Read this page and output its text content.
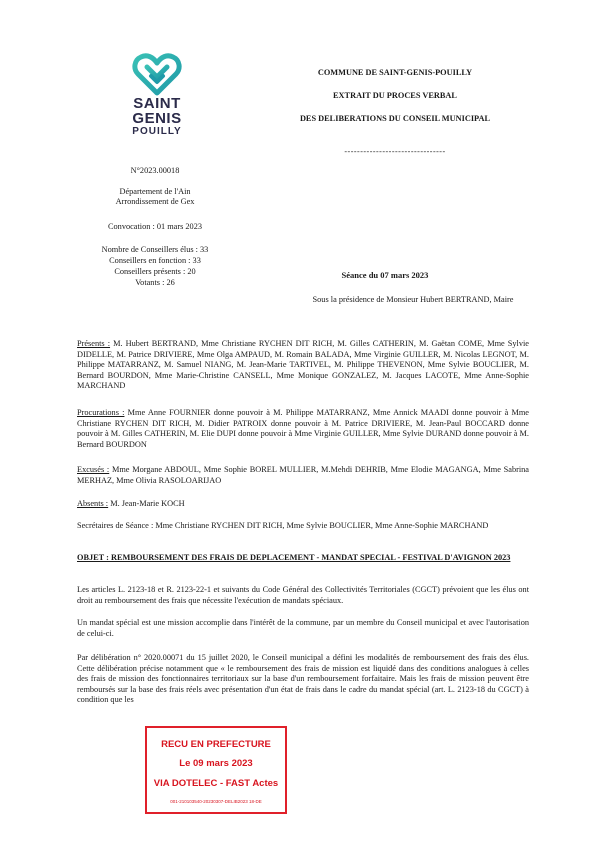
SAINT
GENIS
POUILLY
COMMUNE DE SAINT-GENIS-POUILLY
EXTRAIT DU PROCES VERBAL
DES DELIBERATIONS DU CONSEIL MUNICIPAL
--------------------------------
N°2023.00018
Département de l'Ain
Arrondissement de Gex
Convocation : 01 mars 2023
Nombre de Conseillers élus : 33
Conseillers en fonction : 33
Conseillers présents : 20
Votants : 26
Séance du 07 mars 2023
Sous la présidence de Monsieur Hubert BERTRAND, Maire

Présents : M. Hubert BERTRAND, Mme Christiane RYCHEN DIT RICH, M. Gilles CATHERIN, M. Gaëtan COME, Mme Sylvie DIDELLE, M. Patrice DRIVIERE, Mme Olga AMPAUD, M. Romain BALADA, Mme Virginie GUILLER, M. Nicolas LEGNOT, M. Philippe MATARRANZ, M. Samuel NIANG, M. Jean-Marie TARTIVEL, M. Philippe THEVENON, Mme Sylvie BOUCLIER, M. Bernard BOURDON, Mme Marie-Christine CANSELL, Mme Monique GONZALEZ, M. Jacques LACOTE, Mme Anne-Sophie MARCHAND

Procurations : Mme Anne FOURNIER donne pouvoir à M. Philippe MATARRANZ, Mme Annick MAADI donne pouvoir à Mme Christiane RYCHEN DIT RICH, M. Didier PATROIX donne pouvoir à M. Patrice DRIVIERE, M. Jean-Paul BOCCARD donne pouvoir à M. Gilles CATHERIN, M. Elie DUPI donne pouvoir à Mme Virginie GUILLER, Mme Sylvie DURAND donne pouvoir à M. Bernard BOURDON

Excusés : Mme Morgane ABDOUL, Mme Sophie BOREL MULLIER, M.Mehdi DEHRIB, Mme Elodie MAGANGA, Mme Sabrina MERHAZ, Mme Olivia RASOLOARIJAO

Absents : M. Jean-Marie KOCH

Secrétaires de Séance : Mme Christiane RYCHEN DIT RICH, Mme Sylvie BOUCLIER, Mme Anne-Sophie MARCHAND

OBJET : REMBOURSEMENT DES FRAIS DE DEPLACEMENT - MANDAT SPECIAL - FESTIVAL D'AVIGNON 2023

Les articles L. 2123-18 et R. 2123-22-1 et suivants du Code Général des Collectivités Territoriales (CGCT) prévoient que les élus ont droit au remboursement des frais que nécessite l'exécution de mandats spéciaux.

Un mandat spécial est une mission accomplie dans l'intérêt de la commune, par un membre du Conseil municipal et avec l'autorisation de celui-ci.

Par délibération n° 2020.00071 du 15 juillet 2020, le Conseil municipal a défini les modalités de remboursement des frais des élus. Cette délibération précise notamment que « le remboursement des frais de mission est liquidé dans des conditions analogues à celles des frais de mission des fonctionnaires territoriaux sur la base d'un remboursement forfaitaire. Mais les frais de mission peuvent être remboursés sur la base des frais réels avec présentation d'un état de frais dans le cadre du mandat spécial (art. L. 2123-18 du CGCT) à condition que les

RECU EN PREFECTURE
Le 09 mars 2023
VIA DOTELEC - FAST Actes
001-210103540-20230307-DELIB2023 18-DE
